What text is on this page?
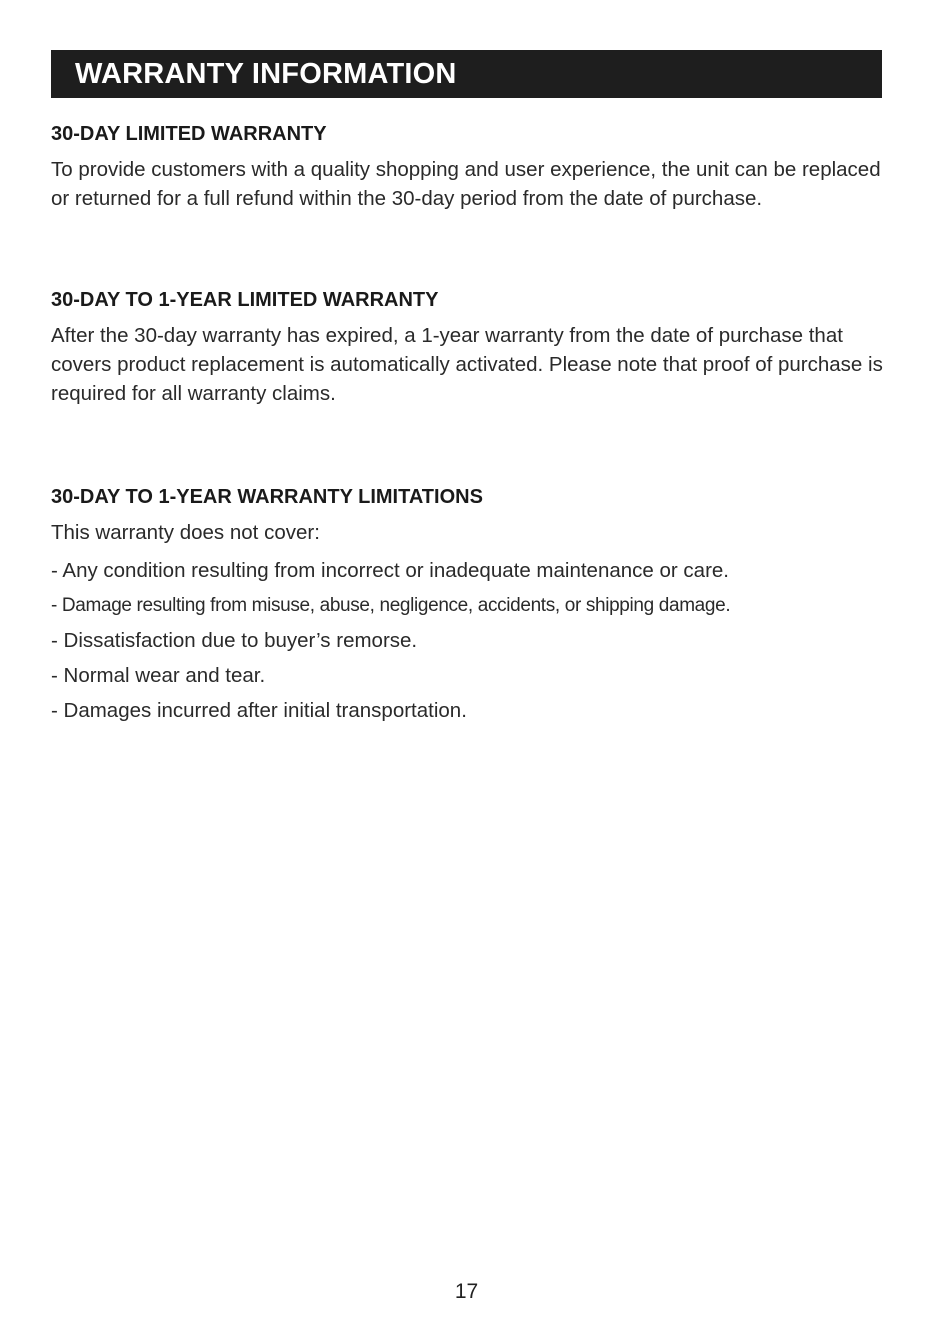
WARRANTY INFORMATION
30-DAY LIMITED WARRANTY

To provide customers with a quality shopping and user experience, the unit can be replaced or returned for a full refund within the 30-day period from the date of purchase.

30-DAY TO 1-YEAR LIMITED WARRANTY

After the 30-day warranty has expired, a 1-year warranty from the date of purchase that covers product replacement is automatically activated. Please note that proof of purchase is required for all warranty claims.

30-DAY TO 1-YEAR WARRANTY LIMITATIONS

This warranty does not cover:

- Any condition resulting from incorrect or inadequate maintenance or care.
- Damage resulting from misuse, abuse, negligence, accidents, or shipping damage.
- Dissatisfaction due to buyer’s remorse.
- Normal wear and tear.
- Damages incurred after initial transportation.
17
